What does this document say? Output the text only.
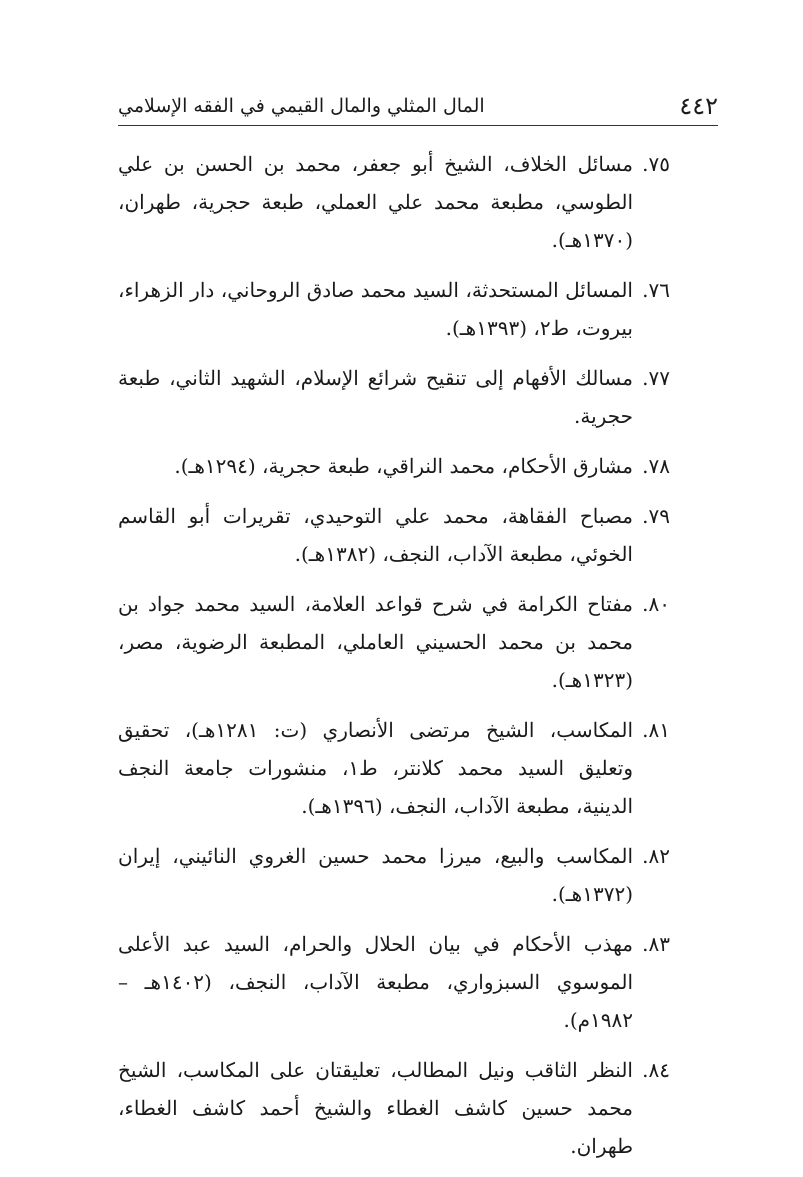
٤٤٢
المال المثلي والمال القيمي في الفقه الإسلامي
٧٥.
مسائل الخلاف، الشيخ أبو جعفر، محمد بن الحسن بن علي الطوسي، مطبعة محمد علي العملي، طبعة حجرية، طهران، (١٣٧٠هـ).
٧٦.
المسائل المستحدثة، السيد محمد صادق الروحاني، دار الزهراء، بيروت، ط٢، (١٣٩٣هـ).
٧٧.
مسالك الأفهام إلى تنقيح شرائع الإسلام، الشهيد الثاني، طبعة حجرية.
٧٨.
مشارق الأحكام، محمد النراقي، طبعة حجرية، (١٢٩٤هـ).
٧٩.
مصباح الفقاهة، محمد علي التوحيدي، تقريرات أبو القاسم الخوئي، مطبعة الآداب، النجف، (١٣٨٢هـ).
٨٠.
مفتاح الكرامة في شرح قواعد العلامة، السيد محمد جواد بن محمد بن محمد الحسيني العاملي، المطبعة الرضوية، مصر، (١٣٢٣هـ).
٨١.
المكاسب، الشيخ مرتضى الأنصاري (ت: ١٢٨١هـ)، تحقيق وتعليق السيد محمد كلانتر، ط١، منشورات جامعة النجف الدينية، مطبعة الآداب، النجف، (١٣٩٦هـ).
٨٢.
المكاسب والبيع، ميرزا محمد حسين الغروي النائيني، إيران (١٣٧٢هـ).
٨٣.
مهذب الأحكام في بيان الحلال والحرام، السيد عبد الأعلى الموسوي السبزواري، مطبعة الآداب، النجف، (١٤٠٢هـ – ١٩٨٢م).
٨٤.
النظر الثاقب ونيل المطالب، تعليقتان على المكاسب، الشيخ محمد حسين كاشف الغطاء والشيخ أحمد كاشف الغطاء، طهران.
